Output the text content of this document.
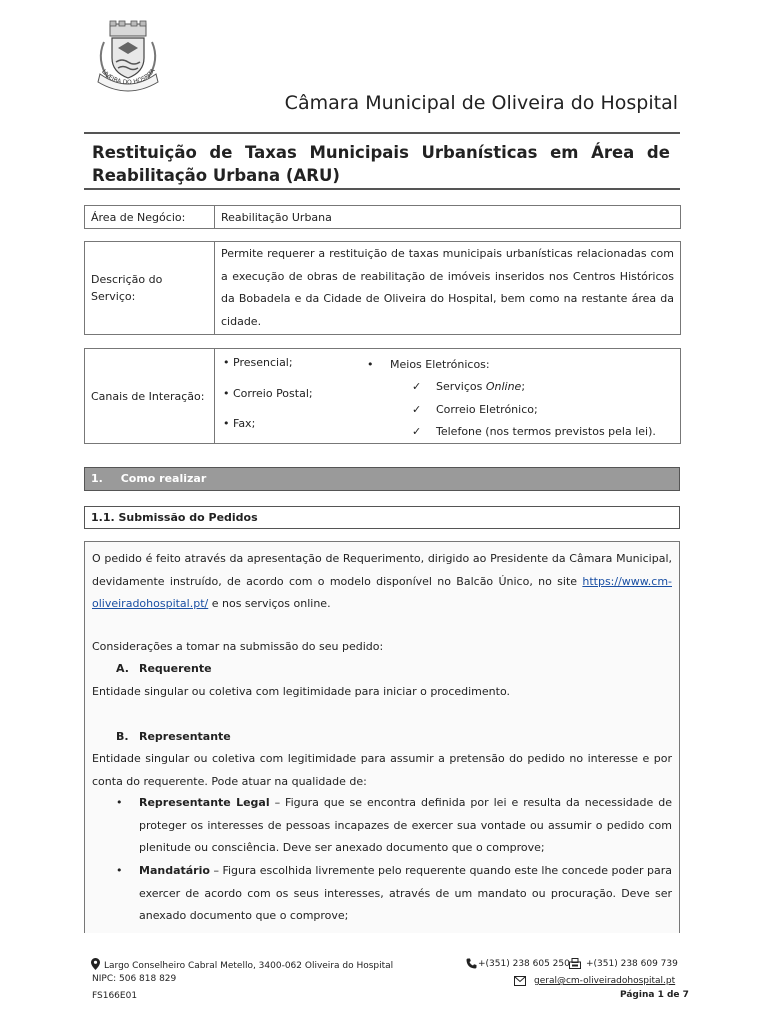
LIVEIRA DO HOSPITA
Câmara Municipal de Oliveira do Hospital
Restituição de Taxas Municipais Urbanísticas em Área de
Reabilitação Urbana (ARU)
Área de Negócio:	Reabilitação Urbana
Descrição do Serviço:
	Permite requerer a restituição de taxas municipais urbanísticas relacionadas com a execução de obras de reabilitação de imóveis inseridos nos Centros Históricos da Bobadela e da Cidade de Oliveira do Hospital, bem como na restante área da cidade.
Canais de Interação:	
• Presencial;
• Correio Postal;
• Fax;
• Meios Eletrónicos:
✓ Serviços Online;
✓ Correio Eletrónico;
✓ Telefone (nos termos previstos pela lei).
1. Como realizar
1.1. Submissão do Pedidos

O pedido é feito através da apresentação de Requerimento, dirigido ao Presidente da Câmara Municipal, devidamente instruído, de acordo com o modelo disponível no Balcão Único, no site https://www.cm-oliveiradohospital.pt/ e nos serviços online.

Considerações a tomar na submissão do seu pedido:

A. Requerente

Entidade singular ou coletiva com legitimidade para iniciar o procedimento.

B. Representante

Entidade singular ou coletiva com legitimidade para assumir a pretensão do pedido no interesse e por conta do requerente. Pode atuar na qualidade de:

• Representante Legal – Figura que se encontra definida por lei e resulta da necessidade de proteger os interesses de pessoas incapazes de exercer sua vontade ou assumir o pedido com plenitude ou consciência. Deve ser anexado documento que o comprove;

• Mandatário – Figura escolhida livremente pelo requerente quando este lhe concede poder para exercer de acordo com os seus interesses, através de um mandato ou procuração. Deve ser anexado documento que o comprove;

Largo Conselheiro Cabral Metello, 3400-062 Oliveira do Hospital
NIPC: 506 818 829
FS166E01
+(351) 238 605 250 +(351) 238 609 739
geral@cm-oliveiradohospital.pt
Página 1 de 7
